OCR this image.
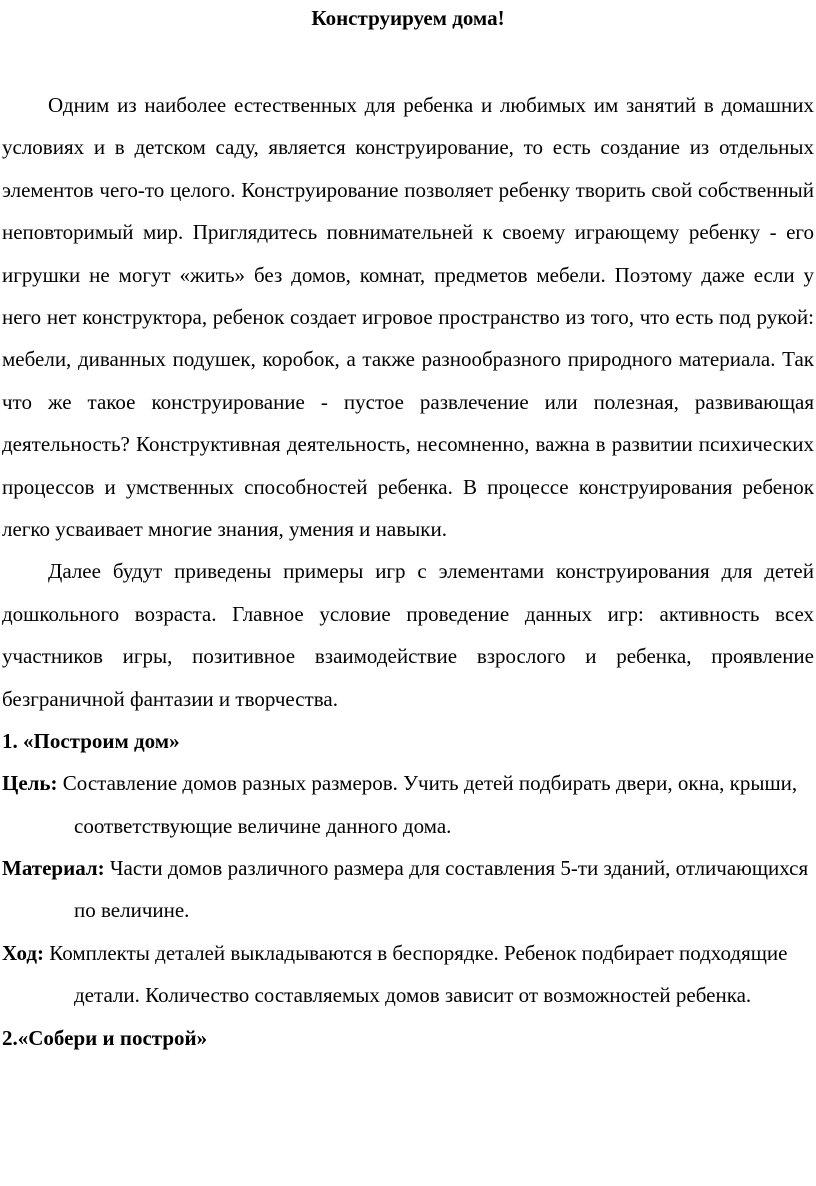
Конструируем дома!

Одним из наиболее естественных для ребенка и любимых им занятий в домашних условиях и в детском саду, является конструирование, то есть создание из отдельных элементов чего-то целого. Конструирование позволяет ребенку творить свой собственный неповторимый мир. Приглядитесь повнимательней к своему играющему ребенку - его игрушки не могут «жить» без домов, комнат, предметов мебели. Поэтому даже если у него нет конструктора, ребенок создает игровое пространство из того, что есть под рукой: мебели, диванных подушек, коробок, а также разнообразного природного материала. Так что же такое конструирование - пустое развлечение или полезная, развивающая деятельность? Конструктивная деятельность, несомненно, важна в развитии психических процессов и умственных способностей ребенка. В процессе конструирования ребенок легко усваивает многие знания, умения и навыки.

Далее будут приведены примеры игр с элементами конструирования для детей дошкольного возраста. Главное условие проведение данных игр: активность всех участников игры, позитивное взаимодействие взрослого и ребенка, проявление безграничной фантазии и творчества.

1. «Построим дом»

Цель: Составление домов разных размеров. Учить детей подбирать двери, окна, крыши, соответствующие величине данного дома.

Материал: Части домов различного размера для составления 5-ти зданий, отличающихся по величине.

Ход: Комплекты деталей выкладываются в беспорядке. Ребенок подбирает подходящие детали. Количество составляемых домов зависит от возможностей ребенка.

2.«Собери и построй»
